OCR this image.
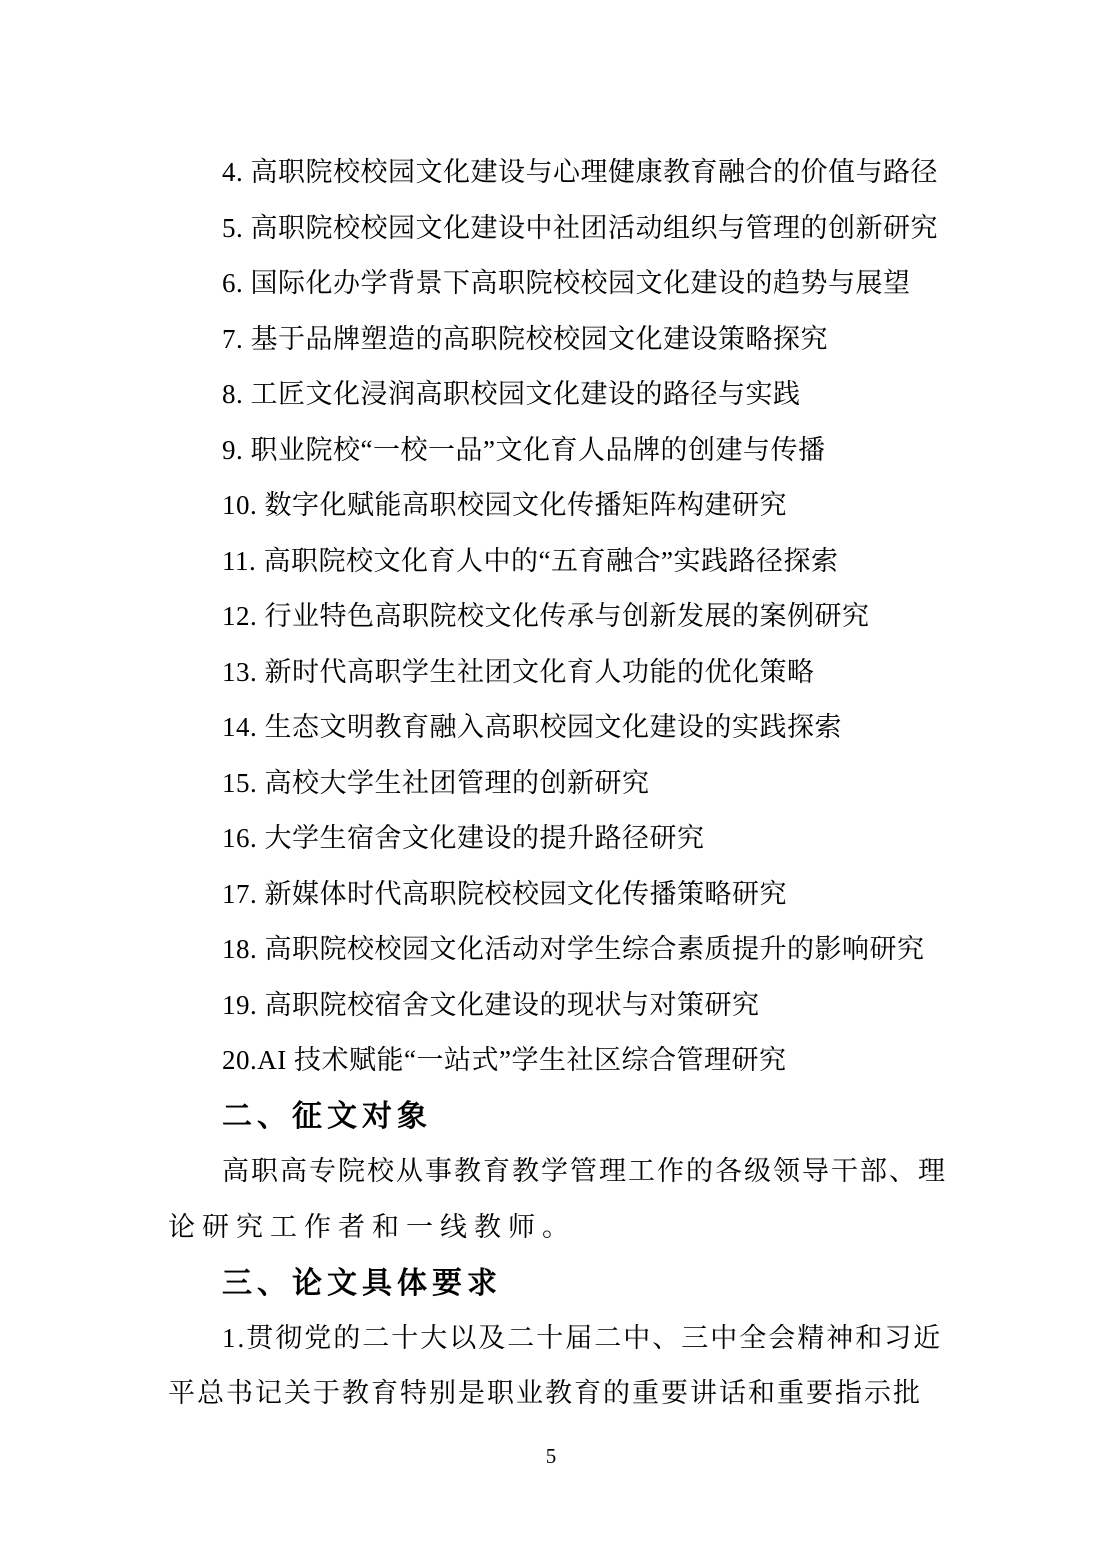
4. 高职院校校园文化建设与心理健康教育融合的价值与路径
5. 高职院校校园文化建设中社团活动组织与管理的创新研究
6. 国际化办学背景下高职院校校园文化建设的趋势与展望
7. 基于品牌塑造的高职院校校园文化建设策略探究
8. 工匠文化浸润高职校园文化建设的路径与实践
9. 职业院校“一校一品”文化育人品牌的创建与传播
10. 数字化赋能高职校园文化传播矩阵构建研究
11. 高职院校文化育人中的“五育融合”实践路径探索
12. 行业特色高职院校文化传承与创新发展的案例研究
13. 新时代高职学生社团文化育人功能的优化策略
14. 生态文明教育融入高职校园文化建设的实践探索
15. 高校大学生社团管理的创新研究
16. 大学生宿舍文化建设的提升路径研究
17. 新媒体时代高职院校校园文化传播策略研究
18. 高职院校校园文化活动对学生综合素质提升的影响研究
19. 高职院校宿舍文化建设的现状与对策研究
20.AI 技术赋能“一站式”学生社区综合管理研究
二、征文对象
高职高专院校从事教育教学管理工作的各级领导干部、理
论研究工作者和一线教师。
三、论文具体要求
1.贯彻党的二十大以及二十届二中、三中全会精神和习近
平总书记关于教育特别是职业教育的重要讲话和重要指示批
5
